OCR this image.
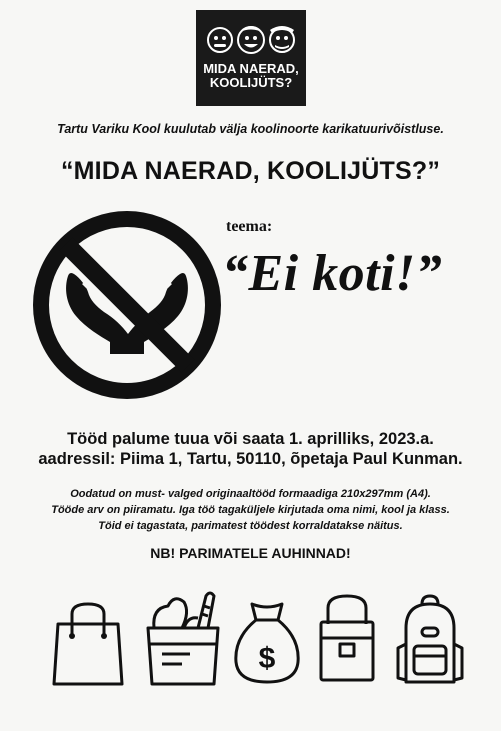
MIDA NAERAD,
KOOLIJÜTS?
Tartu Variku Kool kuulutab välja koolinoorte karikatuurivõistluse.
“MIDA NAERAD, KOOLIJÜTS?”
teema:
“Ei koti!”
Tööd palume tuua või saata 1. aprilliks, 2023.a.
aadressil: Piima 1, Tartu, 50110, õpetaja Paul Kunman.
Oodatud on must- valged originaaltööd formaadiga 210x297mm (A4).
Tööde arv on piiramatu. Iga töö tagaküljele kirjutada oma nimi, kool ja klass.
Töid ei tagastata, parimatest töödest korraldatakse näitus.
NB! PARIMATELE AUHINNAD!
$
